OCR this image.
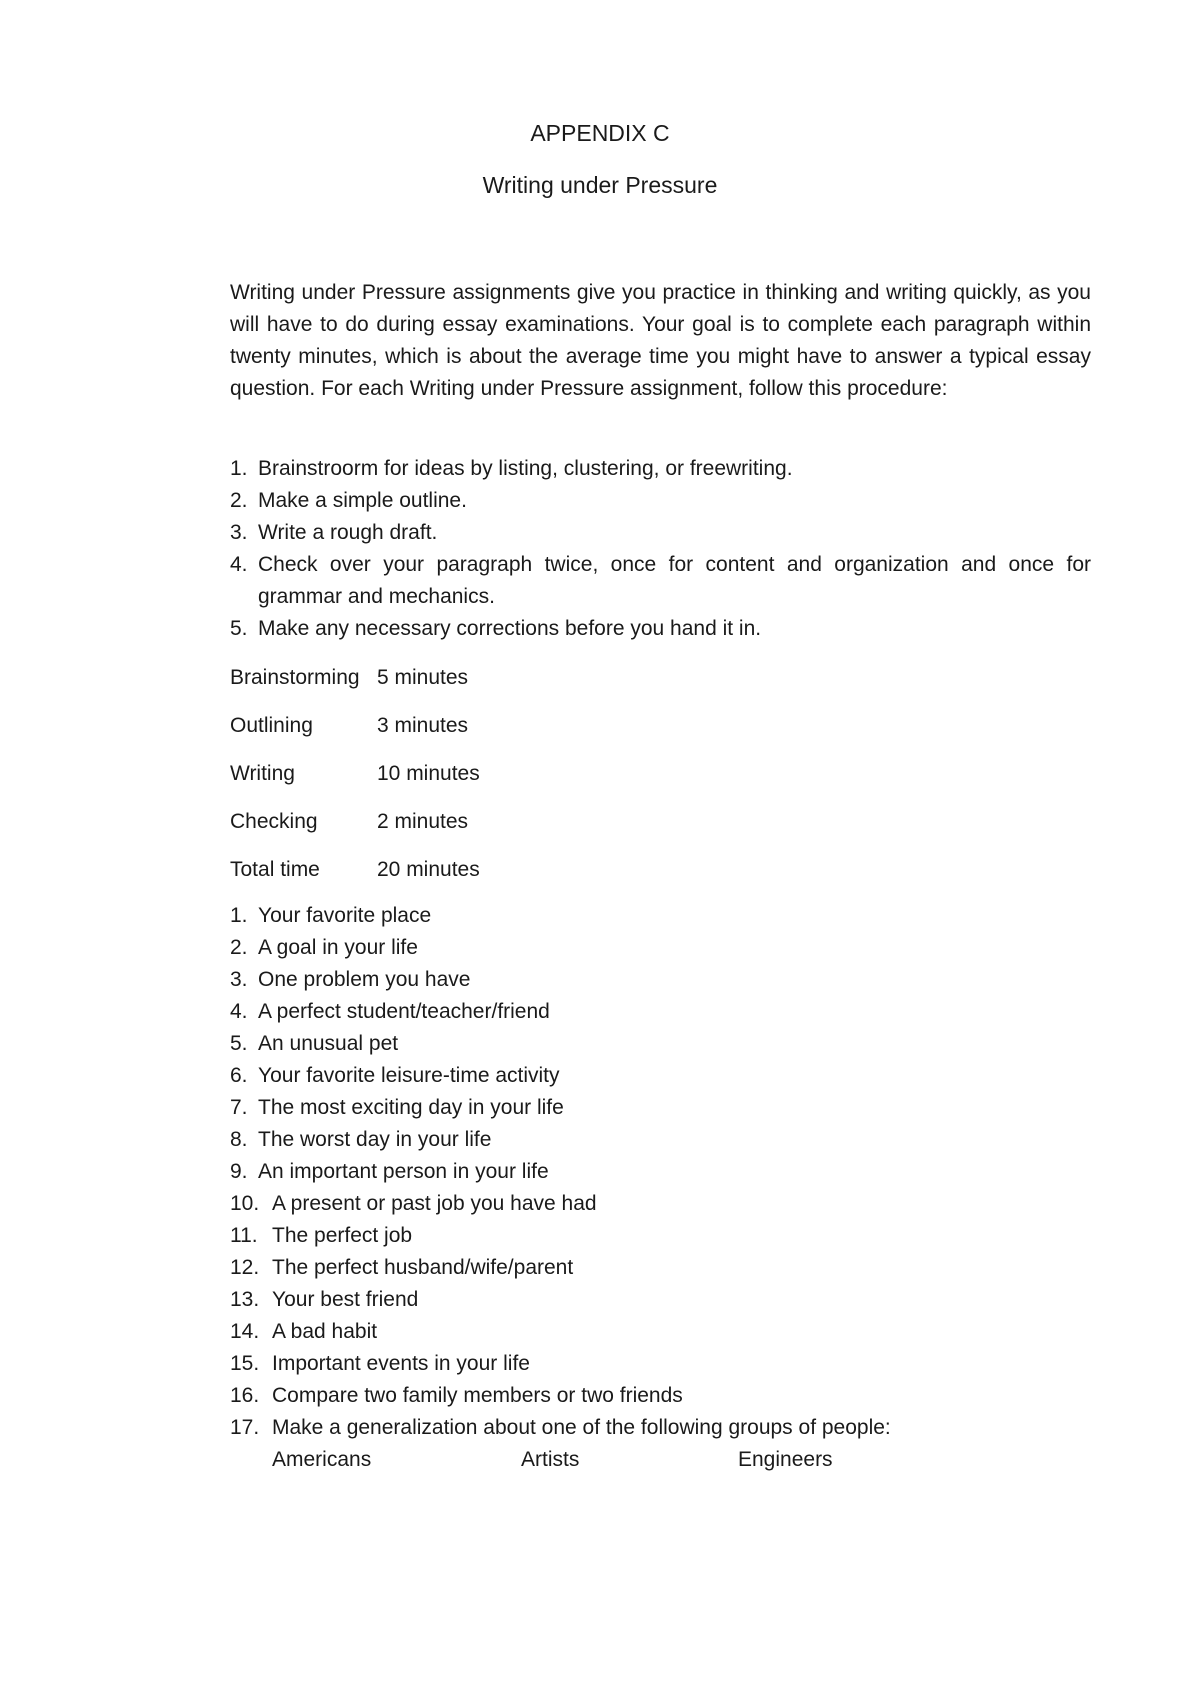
APPENDIX C
Writing under Pressure

Writing under Pressure assignments give you practice in thinking and writing quickly, as you will have to do during essay examinations. Your goal is to complete each paragraph within twenty minutes, which is about the average time you might have to answer a typical essay question. For each Writing under Pressure assignment, follow this procedure:

1. Brainstroorm for ideas by listing, clustering, or freewriting.
2. Make a simple outline.
3. Write a rough draft.
4. Check over your paragraph twice, once for content and organization and once for grammar and mechanics.
5. Make any necessary corrections before you hand it in.
Brainstorming 5 minutes
Outlining	3 minutes
Writing	10 minutes
Checking	2 minutes
Total time	20 minutes
1. Your favorite place
2. A goal in your life
3. One problem you have
4. A perfect student/teacher/friend
5. An unusual pet
6. Your favorite leisure-time activity
7. The most exciting day in your life
8. The worst day in your life
9. An important person in your life
10. A present or past job you have had
11. The perfect job
12. The perfect husband/wife/parent
13. Your best friend
14. A bad habit
15. Important events in your life
16. Compare two family members or two friends
17. Make a generalization about one of the following groups of people:
Americans	Artists	Engineers
